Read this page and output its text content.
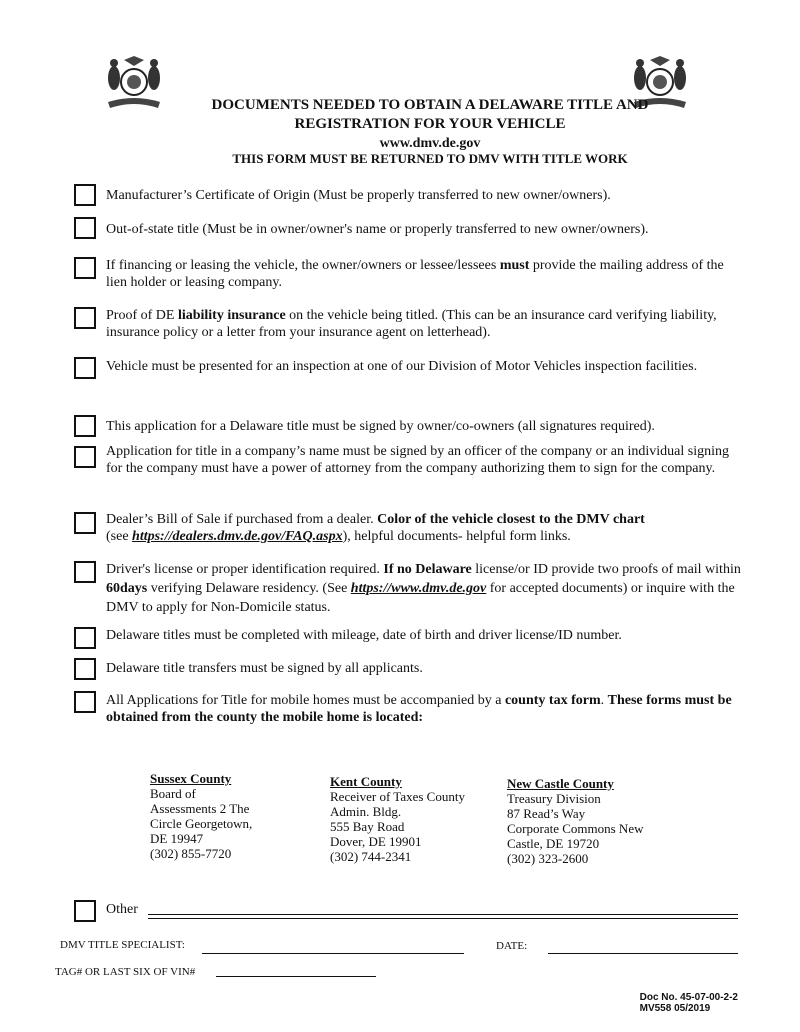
DOCUMENTS NEEDED TO OBTAIN A DELAWARE TITLE AND
REGISTRATION FOR YOUR VEHICLE
www.dmv.de.gov
THIS FORM MUST BE RETURNED TO DMV WITH TITLE WORK
Manufacturer’s Certificate of Origin (Must be properly transferred to new owner/owners).
Out-of-state title (Must be in owner/owner's name or properly transferred to new owner/owners).
If financing or leasing the vehicle, the owner/owners or lessee/lessees must provide the mailing address of the lien holder or leasing company.
Proof of DE liability insurance on the vehicle being titled. (This can be an insurance card verifying liability, insurance policy or a letter from your insurance agent on letterhead).
Vehicle must be presented for an inspection at one of our Division of Motor Vehicles inspection facilities.
This application for a Delaware title must be signed by owner/co-owners (all signatures required).
Application for title in a company’s name must be signed by an officer of the company or an individual signing for the company must have a power of attorney from the company authorizing them to sign for the company.
Dealer’s Bill of Sale if purchased from a dealer. Color of the vehicle closest to the DMV chart (see https://dealers.dmv.de.gov/FAQ.aspx), helpful documents- helpful form links.
Driver's license or proper identification required. If no Delaware license/or ID provide two proofs of mail within 60days verifying Delaware residency. (See https://www.dmv.de.gov for accepted documents) or inquire with the DMV to apply for Non-Domicile status.
Delaware titles must be completed with mileage, date of birth and driver license/ID number.
Delaware title transfers must be signed by all applicants.
All Applications for Title for mobile homes must be accompanied by a county tax form. These forms must be obtained from the county the mobile home is located:
Sussex County
Board of
Assessments 2 The
Circle Georgetown,
DE 19947
(302) 855-7720
Kent County
Receiver of Taxes County
Admin. Bldg.
555 Bay Road
Dover, DE 19901
(302) 744-2341
New Castle County
Treasury Division
87 Read’s Way
Corporate Commons New
Castle, DE 19720
(302) 323-2600
Other
DMV TITLE SPECIALIST:	DATE:
TAG# OR LAST SIX OF VIN#
Doc No. 45-07-00-2-2
MV558 05/2019
